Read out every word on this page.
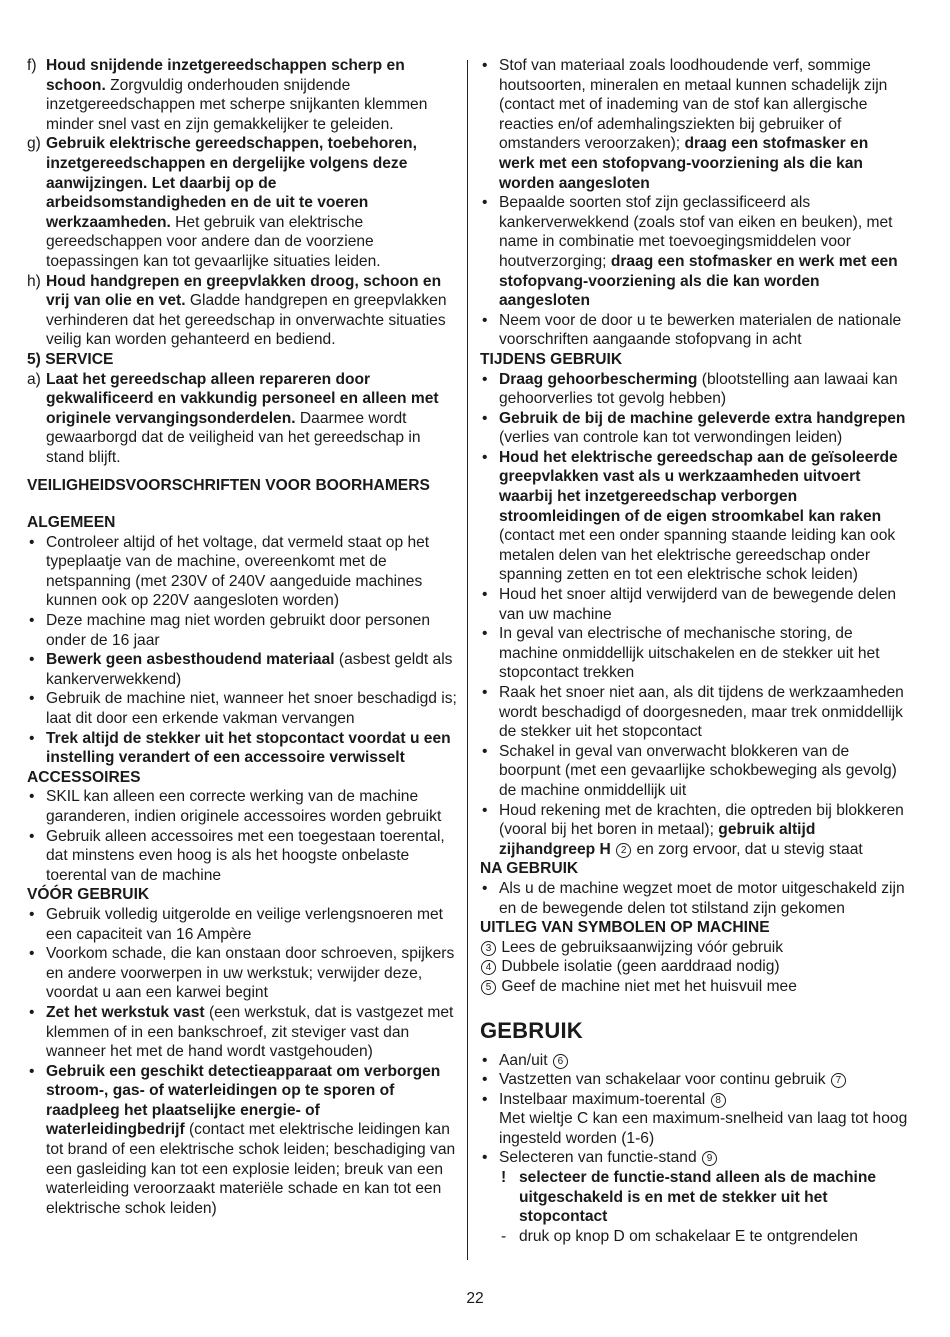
f) Houd snijdende inzetgereedschappen scherp en schoon. Zorgvuldig onderhouden snijdende inzetgereedschappen met scherpe snijkanten klemmen minder snel vast en zijn gemakkelijker te geleiden.

g) Gebruik elektrische gereedschappen, toebehoren, inzetgereedschappen en dergelijke volgens deze aanwijzingen. Let daarbij op de arbeidsomstandigheden en de uit te voeren werkzaamheden. Het gebruik van elektrische gereedschappen voor andere dan de voorziene toepassingen kan tot gevaarlijke situaties leiden.

h) Houd handgrepen en greepvlakken droog, schoon en vrij van olie en vet. Gladde handgrepen en greepvlakken verhinderen dat het gereedschap in onverwachte situaties veilig kan worden gehanteerd en bediend.

5) SERVICE

a) Laat het gereedschap alleen repareren door gekwalificeerd en vakkundig personeel en alleen met originele vervangingsonderdelen. Daarmee wordt gewaarborgd dat de veiligheid van het gereedschap in stand blijft.

VEILIGHEIDSVOORSCHRIFTEN VOOR BOORHAMERS

ALGEMEEN

• Controleer altijd of het voltage, dat vermeld staat op het typeplaatje van de machine, overeenkomt met de netspanning (met 230V of 240V aangeduide machines kunnen ook op 220V aangesloten worden)

• Deze machine mag niet worden gebruikt door personen onder de 16 jaar

• Bewerk geen asbesthoudend materiaal (asbest geldt als kankerverwekkend)

• Gebruik de machine niet, wanneer het snoer beschadigd is; laat dit door een erkende vakman vervangen

• Trek altijd de stekker uit het stopcontact voordat u een instelling verandert of een accessoire verwisselt

ACCESSOIRES

• SKIL kan alleen een correcte werking van de machine garanderen, indien originele accessoires worden gebruikt

• Gebruik alleen accessoires met een toegestaan toerental, dat minstens even hoog is als het hoogste onbelaste toerental van de machine

VÓÓR GEBRUIK

• Gebruik volledig uitgerolde en veilige verlengsnoeren met een capaciteit van 16 Ampère

• Voorkom schade, die kan onstaan door schroeven, spijkers en andere voorwerpen in uw werkstuk; verwijder deze, voordat u aan een karwei begint

• Zet het werkstuk vast (een werkstuk, dat is vastgezet met klemmen of in een bankschroef, zit steviger vast dan wanneer het met de hand wordt vastgehouden)

• Gebruik een geschikt detectieapparaat om verborgen stroom-, gas- of waterleidingen op te sporen of raadpleeg het plaatselijke energie- of waterleidingbedrijf (contact met elektrische leidingen kan tot brand of een elektrische schok leiden; beschadiging van een gasleiding kan tot een explosie leiden; breuk van een waterleiding veroorzaakt materiële schade en kan tot een elektrische schok leiden)

• Stof van materiaal zoals loodhoudende verf, sommige houtsoorten, mineralen en metaal kunnen schadelijk zijn (contact met of inademing van de stof kan allergische reacties en/of ademhalingsziekten bij gebruiker of omstanders veroorzaken); draag een stofmasker en werk met een stofopvang-voorziening als die kan worden aangesloten

• Bepaalde soorten stof zijn geclassificeerd als kankerverwekkend (zoals stof van eiken en beuken), met name in combinatie met toevoegingsmiddelen voor houtverzorging; draag een stofmasker en werk met een stofopvang-voorziening als die kan worden aangesloten

• Neem voor de door u te bewerken materialen de nationale voorschriften aangaande stofopvang in acht

TIJDENS GEBRUIK

• Draag gehoorbescherming (blootstelling aan lawaai kan gehoorverlies tot gevolg hebben)

• Gebruik de bij de machine geleverde extra handgrepen (verlies van controle kan tot verwondingen leiden)

• Houd het elektrische gereedschap aan de geïsoleerde greepvlakken vast als u werkzaamheden uitvoert waarbij het inzetgereedschap verborgen stroomleidingen of de eigen stroomkabel kan raken (contact met een onder spanning staande leiding kan ook metalen delen van het elektrische gereedschap onder spanning zetten en tot een elektrische schok leiden)

• Houd het snoer altijd verwijderd van de bewegende delen van uw machine

• In geval van electrische of mechanische storing, de machine onmiddellijk uitschakelen en de stekker uit het stopcontact trekken

• Raak het snoer niet aan, als dit tijdens de werkzaamheden wordt beschadigd of doorgesneden, maar trek onmiddellijk de stekker uit het stopcontact

• Schakel in geval van onverwacht blokkeren van de boorpunt (met een gevaarlijke schokbeweging als gevolg) de machine onmiddellijk uit

• Houd rekening met de krachten, die optreden bij blokkeren (vooral bij het boren in metaal); gebruik altijd zijhandgreep H 2 en zorg ervoor, dat u stevig staat

NA GEBRUIK

• Als u de machine wegzet moet de motor uitgeschakeld zijn en de bewegende delen tot stilstand zijn gekomen

UITLEG VAN SYMBOLEN OP MACHINE

3 Lees de gebruiksaanwijzing vóór gebruik

4 Dubbele isolatie (geen aarddraad nodig)

5 Geef de machine niet met het huisvuil mee

GEBRUIK

• Aan/uit 6

• Vastzetten van schakelaar voor continu gebruik 7

• Instelbaar maximum-toerental 8

Met wieltje C kan een maximum-snelheid van laag tot hoog ingesteld worden (1-6)

• Selecteren van functie-stand 9

! selecteer de functie-stand alleen als de machine uitgeschakeld is en met de stekker uit het stopcontact

- druk op knop D om schakelaar E te ontgrendelen

22
